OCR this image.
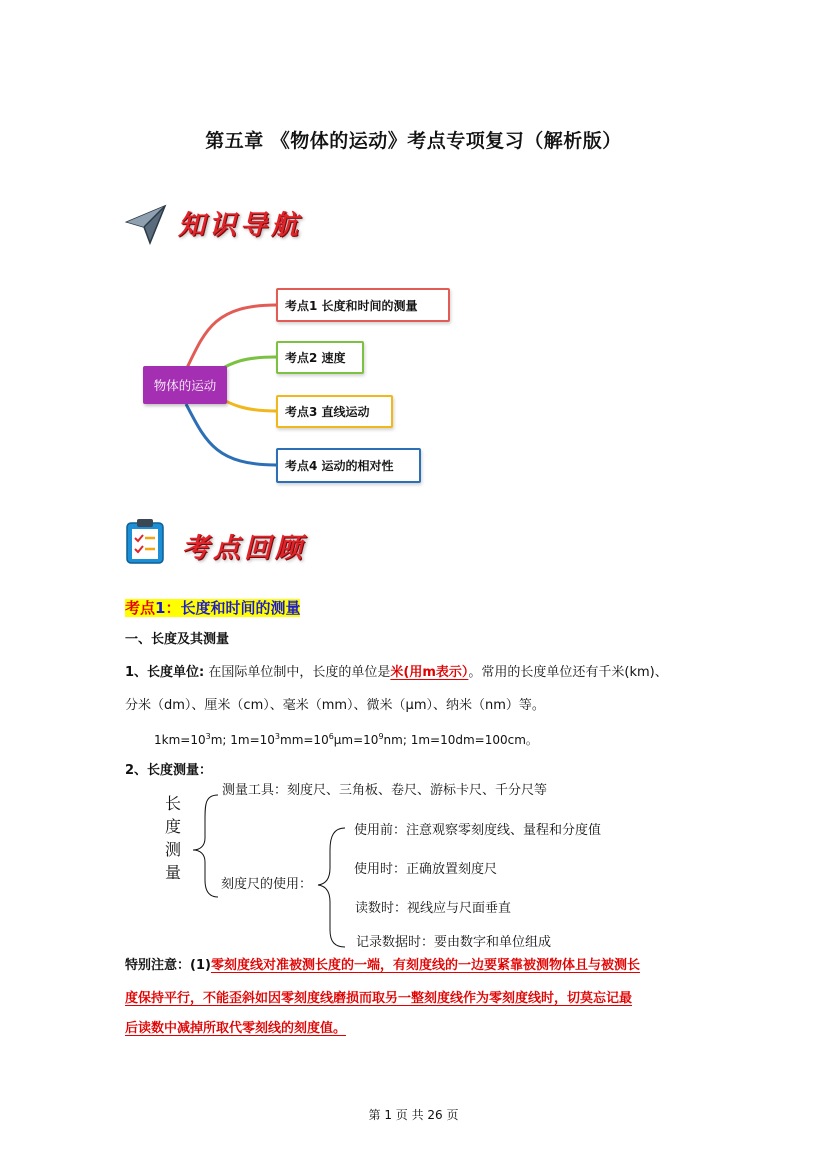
第五章 《物体的运动》考点专项复习（解析版）
知识导航
物体的运动
考点1 长度和时间的测量
考点2 速度
考点3 直线运动
考点4 运动的相对性
考点回顾
考点1：长度和时间的测量
一、长度及其测量
1、长度单位: 在国际单位制中，长度的单位是米(用m表示）。常用的长度单位还有千米(km)、
分米（dm）、厘米（cm）、毫米（mm）、微米（μm）、纳米（nm）等。
$1km=10^3m$; $1m=10^3mm=10^6\mu m=10^9nm$; 1m=10dm=100cm。
2、长度测量：
长
度
测
量
测量工具：刻度尺、三角板、卷尺、游标卡尺、千分尺等
刻度尺的使用：
使用前：注意观察零刻度线、量程和分度值
使用时：正确放置刻度尺
读数时：视线应与尺面垂直
记录数据时：要由数字和单位组成
特别注意：(1)零刻度线对准被测长度的一端，有刻度线的一边要紧靠被测物体且与被测长
度保持平行，不能歪斜如因零刻度线磨损而取另一整刻度线作为零刻度线时，切莫忘记最
后读数中减掉所取代零刻线的刻度值。
第 1 页 共 26 页
